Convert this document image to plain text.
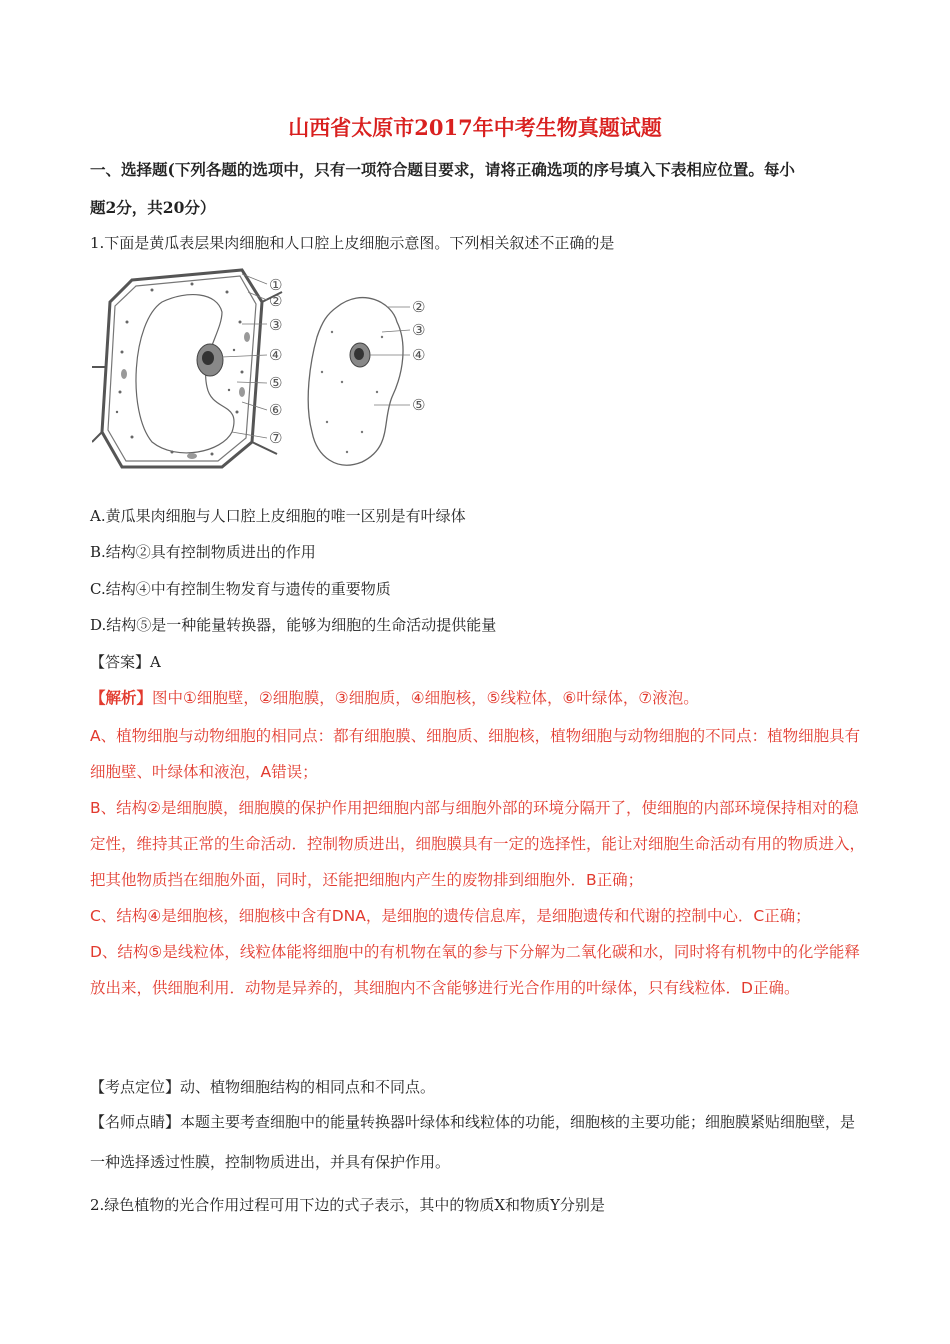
山西省太原市2017年中考生物真题试题
一、选择题(下列各题的选项中，只有一项符合题目要求，请将正确选项的序号填入下表相应位置。每小
题2分，共20分）
1.下面是黄瓜表层果肉细胞和人口腔上皮细胞示意图。下列相关叙述不正确的是
①
②
③
④
⑤
⑥
⑦
②
③
④
⑤
A.黄瓜果肉细胞与人口腔上皮细胞的唯一区别是有叶绿体
B.结构②具有控制物质进出的作用
C.结构④中有控制生物发育与遗传的重要物质
D.结构⑤是一种能量转换器，能够为细胞的生命活动提供能量
【答案】A
【解析】图中①细胞壁，②细胞膜，③细胞质，④细胞核，⑤线粒体，⑥叶绿体，⑦液泡。
A、植物细胞与动物细胞的相同点：都有细胞膜、细胞质、细胞核，植物细胞与动物细胞的不同点：植物细胞具有细胞壁、叶绿体和液泡，A错误；
B、结构②是细胞膜，细胞膜的保护作用把细胞内部与细胞外部的环境分隔开了，使细胞的内部环境保持相对的稳定性，维持其正常的生命活动．控制物质进出，细胞膜具有一定的选择性，能让对细胞生命活动有用的物质进入，把其他物质挡在细胞外面，同时，还能把细胞内产生的废物排到细胞外．B正确；
C、结构④是细胞核，细胞核中含有DNA，是细胞的遗传信息库，是细胞遗传和代谢的控制中心．C正确；
D、结构⑤是线粒体，线粒体能将细胞中的有机物在氧的参与下分解为二氧化碳和水，同时将有机物中的化学能释放出来，供细胞利用．动物是异养的，其细胞内不含能够进行光合作用的叶绿体，只有线粒体．D正确。
【考点定位】动、植物细胞结构的相同点和不同点。
【名师点睛】本题主要考查细胞中的能量转换器叶绿体和线粒体的功能，细胞核的主要功能；细胞膜紧贴细胞壁，是一种选择透过性膜，控制物质进出，并具有保护作用。
2.绿色植物的光合作用过程可用下边的式子表示，其中的物质X和物质Y分别是
